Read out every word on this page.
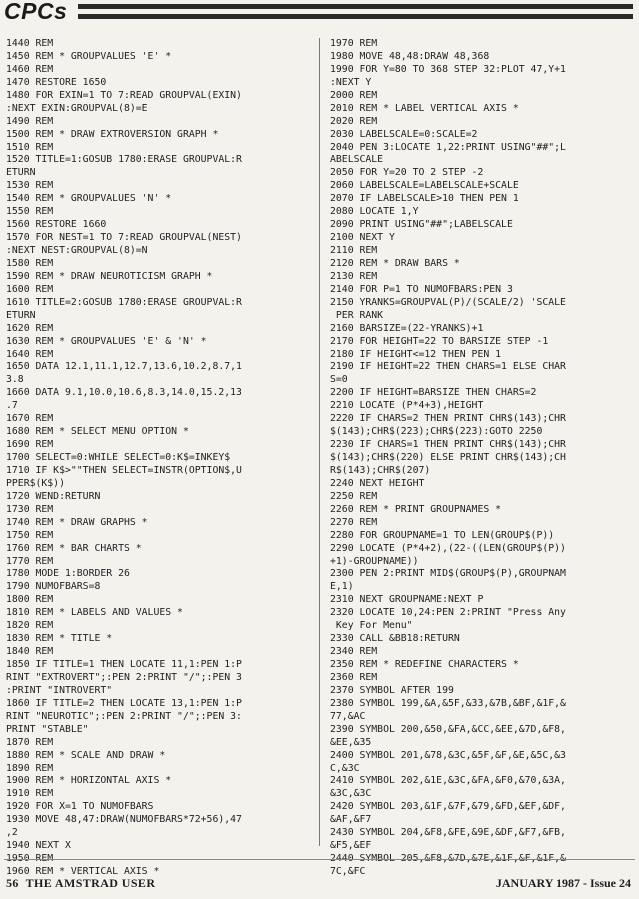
CPCs
1440 REM
1450 REM * GROUPVALUES 'E' *
1460 REM
1470 RESTORE 1650
1480 FOR EXIN=1 TO 7:READ GROUPVAL(EXIN)
:NEXT EXIN:GROUPVAL(8)=E
1490 REM
1500 REM * DRAW EXTROVERSION GRAPH *
1510 REM
1520 TITLE=1:GOSUB 1780:ERASE GROUPVAL:R
ETURN
1530 REM
1540 REM * GROUPVALUES 'N' *
1550 REM
1560 RESTORE 1660
1570 FOR NEST=1 TO 7:READ GROUPVAL(NEST)
:NEXT NEST:GROUPVAL(8)=N
1580 REM
1590 REM * DRAW NEUROTICISM GRAPH *
1600 REM
1610 TITLE=2:GOSUB 1780:ERASE GROUPVAL:R
ETURN
1620 REM
1630 REM * GROUPVALUES 'E' & 'N' *
1640 REM
1650 DATA 12.1,11.1,12.7,13.6,10.2,8.7,1
3.8
1660 DATA 9.1,10.0,10.6,8.3,14.0,15.2,13
.7
1670 REM
1680 REM * SELECT MENU OPTION *
1690 REM
1700 SELECT=0:WHILE SELECT=0:K$=INKEY$
1710 IF K$>""THEN SELECT=INSTR(OPTION$,U
PPER$(K$))
1720 WEND:RETURN
1730 REM
1740 REM * DRAW GRAPHS *
1750 REM
1760 REM * BAR CHARTS *
1770 REM
1780 MODE 1:BORDER 26
1790 NUMOFBARS=8
1800 REM
1810 REM * LABELS AND VALUES *
1820 REM
1830 REM * TITLE *
1840 REM
1850 IF TITLE=1 THEN LOCATE 11,1:PEN 1:P
RINT "EXTROVERT";:PEN 2:PRINT "/";:PEN 3
:PRINT "INTROVERT"
1860 IF TITLE=2 THEN LOCATE 13,1:PEN 1:P
RINT "NEUROTIC";:PEN 2:PRINT "/";:PEN 3:
PRINT "STABLE"
1870 REM
1880 REM * SCALE AND DRAW *
1890 REM
1900 REM * HORIZONTAL AXIS *
1910 REM
1920 FOR X=1 TO NUMOFBARS
1930 MOVE 48,47:DRAW(NUMOFBARS*72+56),47
,2
1940 NEXT X
1960 REM * VERTICAL AXIS *
1970 REM
1980 MOVE 48,48:DRAW 48,368
1990 FOR Y=80 TO 368 STEP 32:PLOT 47,Y+1
:NEXT Y
2000 REM
2010 REM * LABEL VERTICAL AXIS *
2020 REM
2030 LABELSCALE=0:SCALE=2
2040 PEN 3:LOCATE 1,22:PRINT USING"##";L
ABELSCALE
2050 FOR Y=20 TO 2 STEP -2
2060 LABELSCALE=LABELSCALE+SCALE
2070 IF LABELSCALE>10 THEN PEN 1
2080 LOCATE 1,Y
2090 PRINT USING"##";LABELSCALE
2100 NEXT Y
2110 REM
2120 REM * DRAW BARS *
2130 REM
2140 FOR P=1 TO NUMOFBARS:PEN 3
2150 YRANKS=GROUPVAL(P)/(SCALE/2) 'SCALE
PER RANK
2160 BARSIZE=(22-YRANKS)+1
2170 FOR HEIGHT=22 TO BARSIZE STEP -1
2180 IF HEIGHT<=12 THEN PEN 1
2190 IF HEIGHT=22 THEN CHARS=1 ELSE CHAR
S=0
2200 IF HEIGHT=BARSIZE THEN CHARS=2
2210 LOCATE (P*4+3),HEIGHT
2220 IF CHARS=2 THEN PRINT CHR$(143);CHR
$(143);CHR$(223);CHR$(223):GOTO 2250
2230 IF CHARS=1 THEN PRINT CHR$(143);CHR
$(143);CHR$(220) ELSE PRINT CHR$(143);CH
R$(143);CHR$(207)
2240 NEXT HEIGHT
2250 REM
2260 REM * PRINT GROUPNAMES *
2270 REM
2280 FOR GROUPNAME=1 TO LEN(GROUP$(P))
2290 LOCATE (P*4+2),(22-((LEN(GROUP$(P))
+1)-GROUPNAME))
2300 PEN 2:PRINT MID$(GROUP$(P),GROUPNAM
E,1)
2310 NEXT GROUPNAME:NEXT P
2320 LOCATE 10,24:PEN 2:PRINT "Press Any
Key For Menu"
2330 CALL &BB18:RETURN
2340 REM
2350 REM * REDEFINE CHARACTERS *
2360 REM
2370 SYMBOL AFTER 199
2380 SYMBOL 199,&A,&5F,&33,&7B,&BF,&1F,&
77,&AC
2390 SYMBOL 200,&50,&FA,&CC,&EE,&7D,&F8,
&EE,&35
2400 SYMBOL 201,&78,&3C,&5F,&F,&E,&5C,&3
C,&3C
2410 SYMBOL 202,&1E,&3C,&FA,&F0,&70,&3A,
&3C,&3C
2420 SYMBOL 203,&1F,&7F,&79,&FD,&EF,&DF,
&AF,&F7
2430 SYMBOL 204,&F8,&FE,&9E,&DF,&F7,&FB,
&F5,&EF
7C,&FC
56 THE AMSTRAD USER	JANUARY 1987 - Issue 24
